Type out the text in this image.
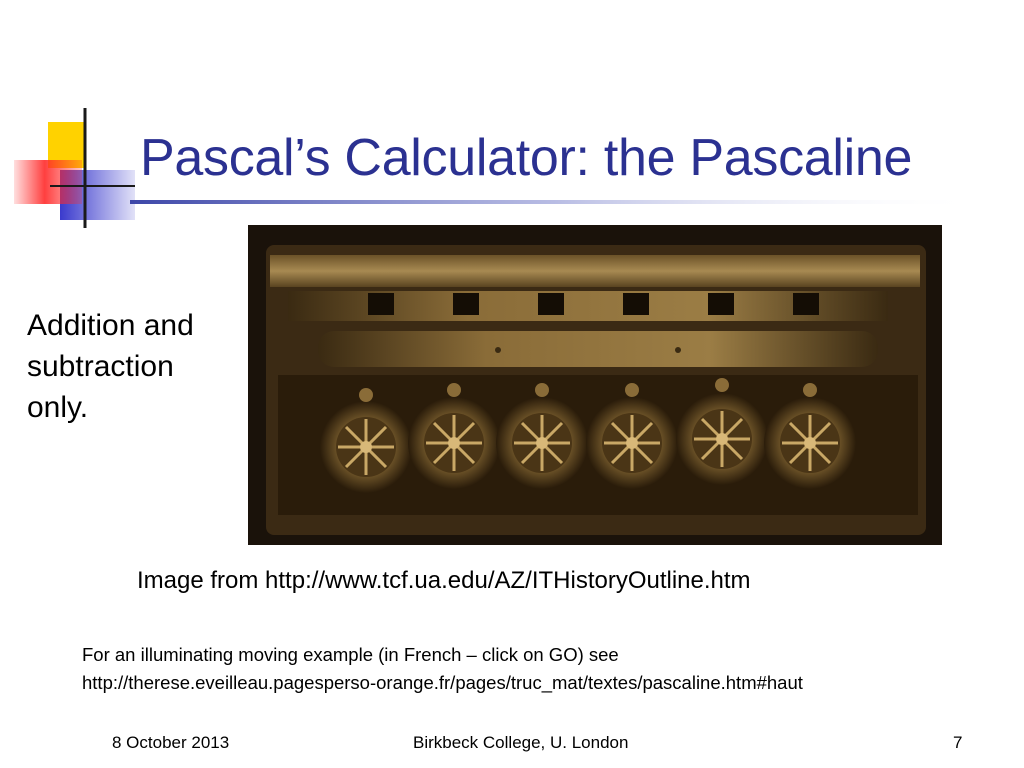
Pascal’s Calculator: the Pascaline
Addition and
subtraction
only.
Image from http://www.tcf.ua.edu/AZ/ITHistoryOutline.htm
For an illuminating moving example (in French – click on GO) see
http://therese.eveilleau.pagesperso-orange.fr/pages/truc_mat/textes/pascaline.htm#haut
8 October 2013	Birkbeck College, U. London	7
